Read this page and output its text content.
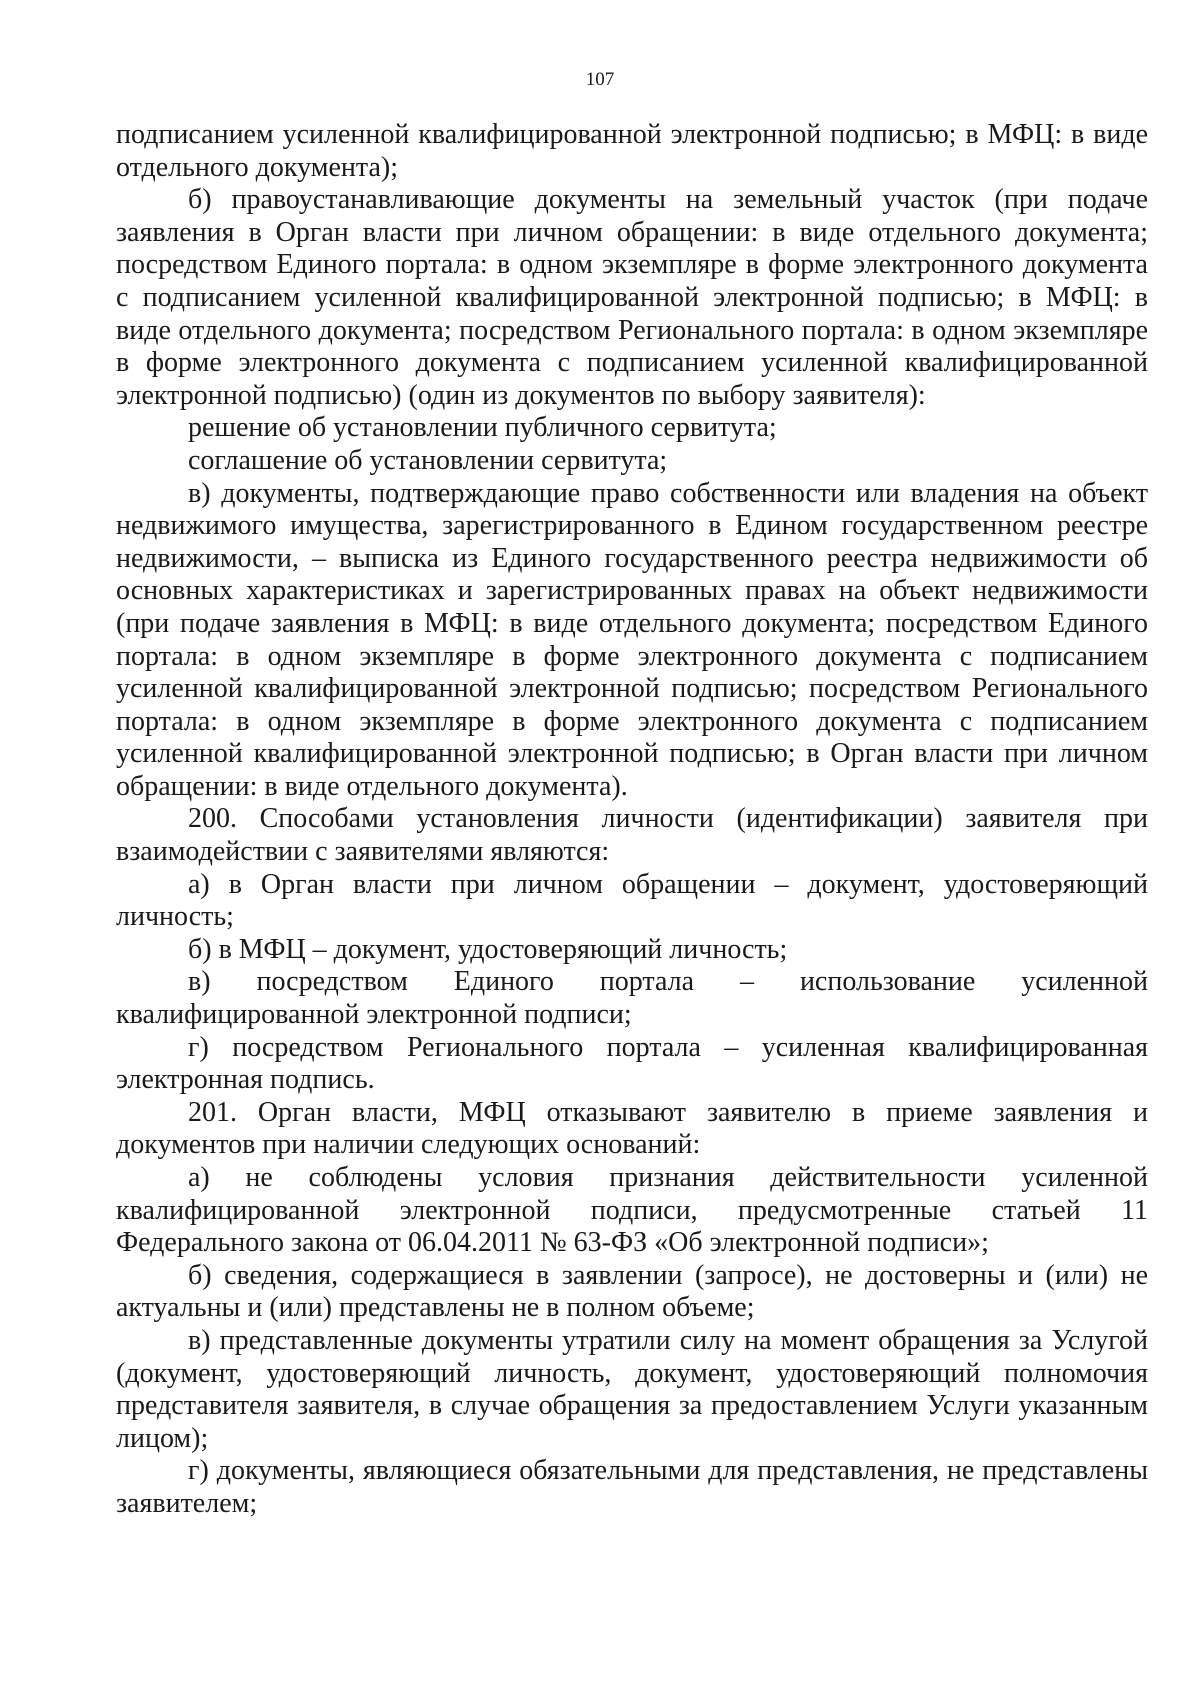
107

подписанием усиленной квалифицированной электронной подписью; в МФЦ: в виде отдельного документа);

б) правоустанавливающие документы на земельный участок (при подаче заявления в Орган власти при личном обращении: в виде отдельного документа; посредством Единого портала: в одном экземпляре в форме электронного документа с подписанием усиленной квалифицированной электронной подписью; в МФЦ: в виде отдельного документа; посредством Регионального портала: в одном экземпляре в форме электронного документа с подписанием усиленной квалифицированной электронной подписью) (один из документов по выбору заявителя):

решение об установлении публичного сервитута;

соглашение об установлении сервитута;

в) документы, подтверждающие право собственности или владения на объект недвижимого имущества, зарегистрированного в Едином государственном реестре недвижимости, – выписка из Единого государственного реестра недвижимости об основных характеристиках и зарегистрированных правах на объект недвижимости (при подаче заявления в МФЦ: в виде отдельного документа; посредством Единого портала: в одном экземпляре в форме электронного документа с подписанием усиленной квалифицированной электронной подписью; посредством Регионального портала: в одном экземпляре в форме электронного документа с подписанием усиленной квалифицированной электронной подписью; в Орган власти при личном обращении: в виде отдельного документа).

200. Способами установления личности (идентификации) заявителя при взаимодействии с заявителями являются:

а) в Орган власти при личном обращении – документ, удостоверяющий личность;

б) в МФЦ – документ, удостоверяющий личность;

в) посредством Единого портала – использование усиленной квалифицированной электронной подписи;

г) посредством Регионального портала – усиленная квалифицированная электронная подпись.

201. Орган власти, МФЦ отказывают заявителю в приеме заявления и документов при наличии следующих оснований:

а) не соблюдены условия признания действительности усиленной квалифицированной электронной подписи, предусмотренные статьей 11 Федерального закона от 06.04.2011 № 63-ФЗ «Об электронной подписи»;

б) сведения, содержащиеся в заявлении (запросе), не достоверны и (или) не актуальны и (или) представлены не в полном объеме;

в) представленные документы утратили силу на момент обращения за Услугой (документ, удостоверяющий личность, документ, удостоверяющий полномочия представителя заявителя, в случае обращения за предоставлением Услуги указанным лицом);

г) документы, являющиеся обязательными для представления, не представлены заявителем;
